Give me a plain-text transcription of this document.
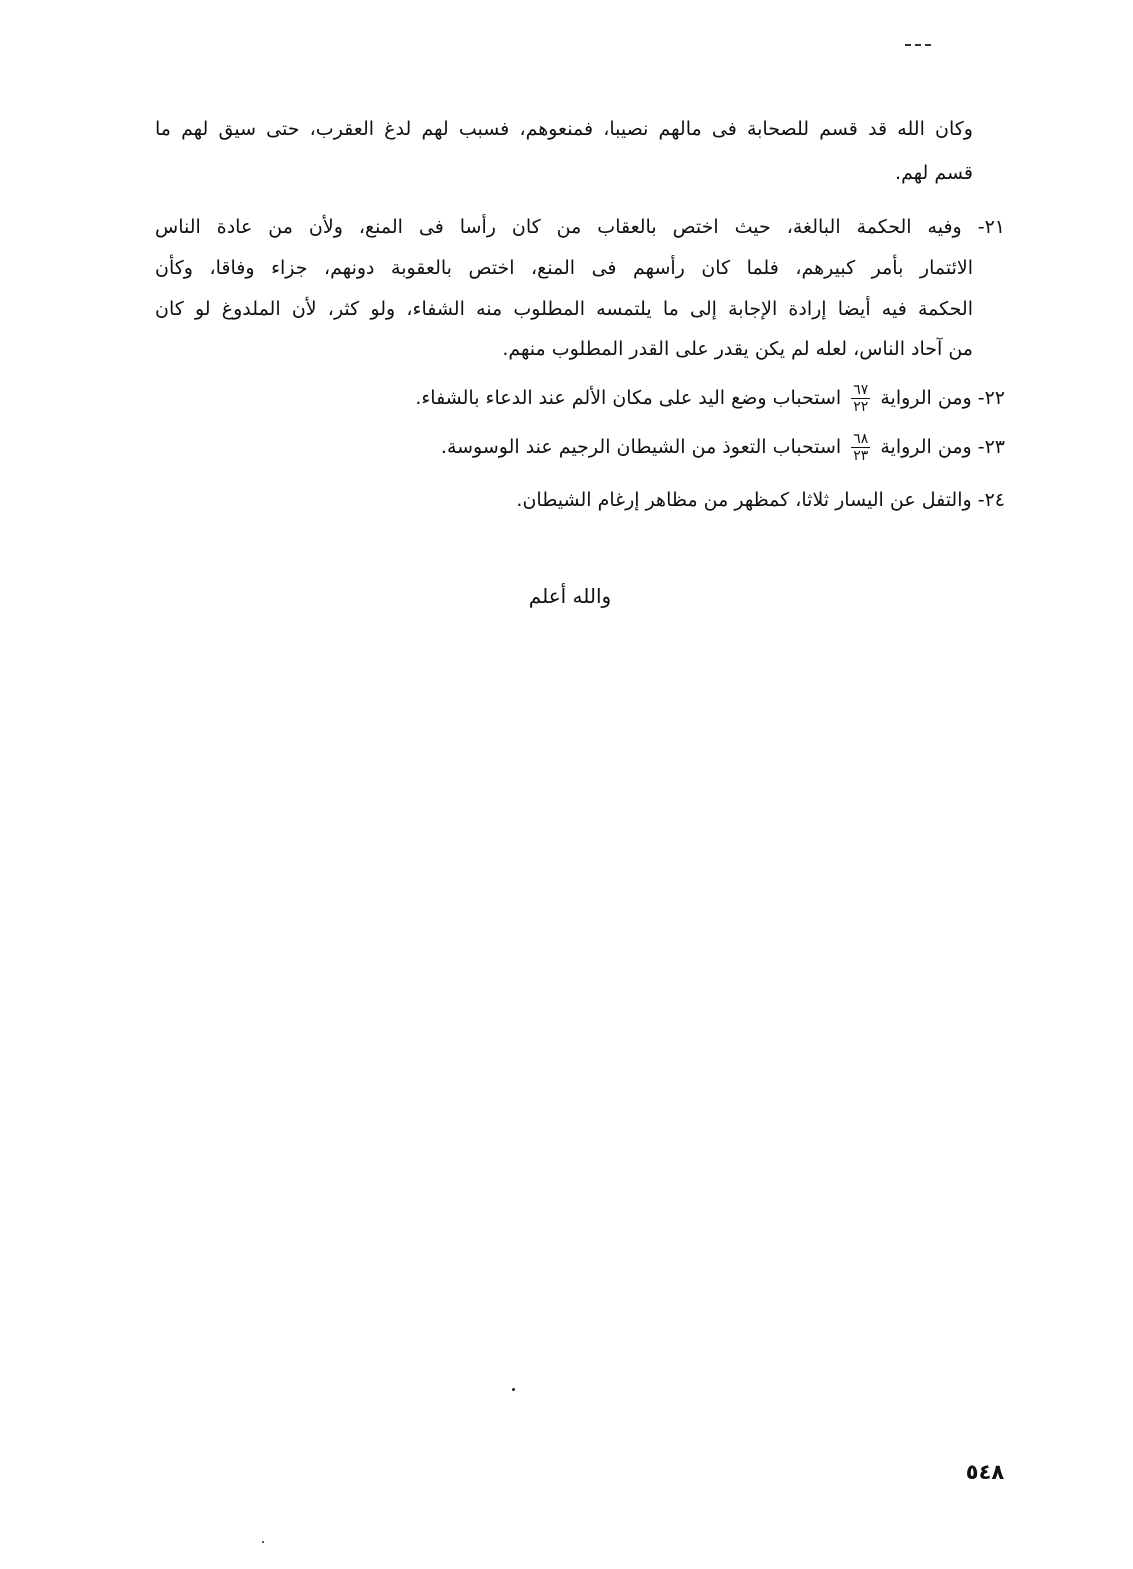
وكان الله قد قسم للصحابة فى مالهم نصيبا، فمنعوهم، فسبب لهم لدغ العقرب، حتى سيق لهم ما
قسم لهم.
٢١- وفيه الحكمة البالغة، حيث اختص بالعقاب من كان رأسا فى المنع، ولأن من عادة الناس
الائتمار بأمر كبيرهم، فلما كان رأسهم فى المنع، اختص بالعقوبة دونهم، جزاء وفاقا، وكأن
الحكمة فيه أيضا إرادة الإجابة إلى ما يلتمسه المطلوب منه الشفاء، ولو كثر، لأن الملدوغ لو كان
من آحاد الناس، لعله لم يكن يقدر على القدر المطلوب منهم.
٢٢- ومن الرواية
$\frac{٦٧}{٢٢}$
استحباب وضع اليد على مكان الألم عند الدعاء بالشفاء.
٢٣- ومن الرواية
$\frac{٦٨}{٢٣}$
استحباب التعوذ من الشيطان الرجيم عند الوسوسة.
٢٤- والتفل عن اليسار ثلاثا، كمظهر من مظاهر إرغام الشيطان.
والله أعلم
٥٤٨
